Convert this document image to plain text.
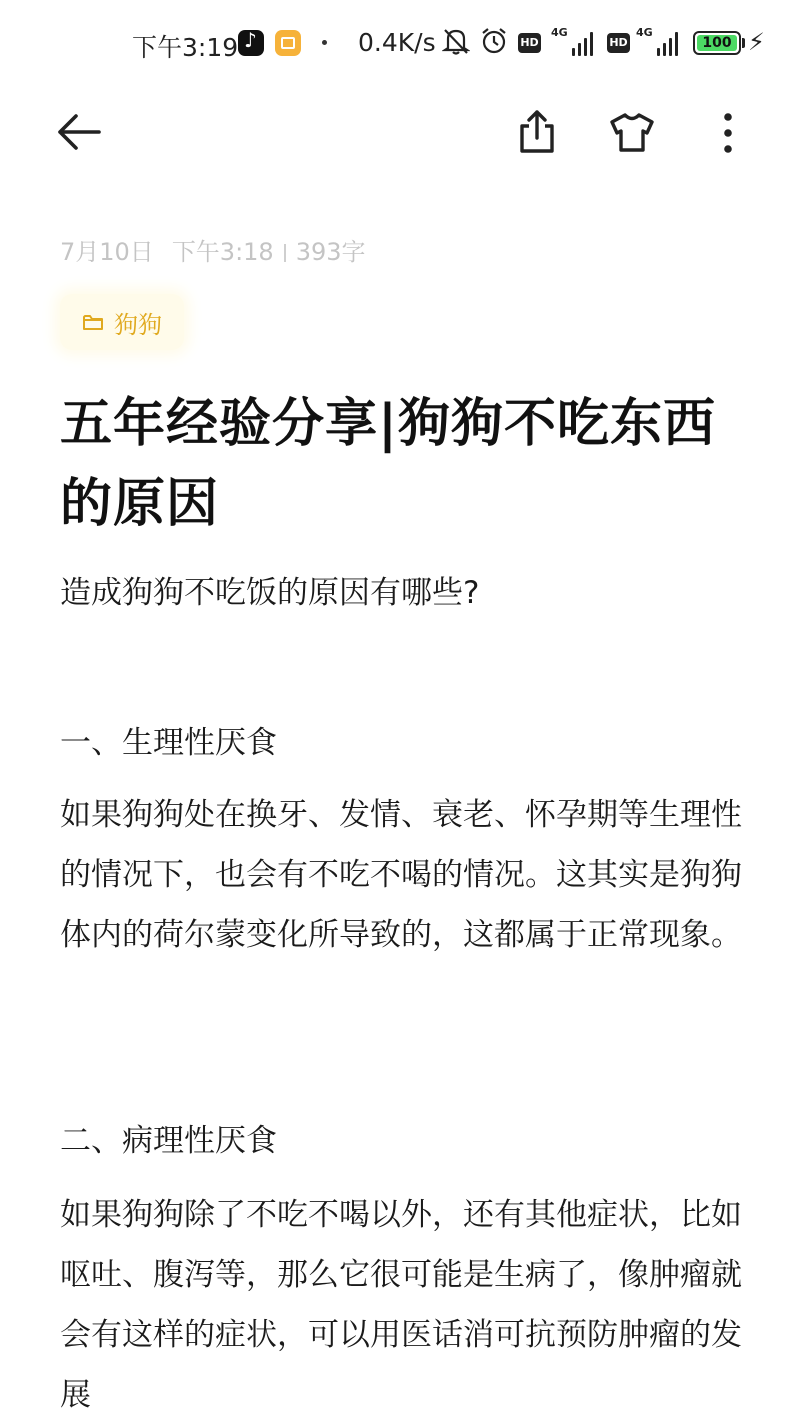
下午3:19
♪	0.4K/s	HD
4G
HD
4G
100 ⚡
7月10日 下午3:18 393字
狗狗
五年经验分享|狗狗不吃东西的原因
造成狗狗不吃饭的原因有哪些?
一、生理性厌食
如果狗狗处在换牙、发情、衰老、怀孕期等生理性的情况下，也会有不吃不喝的情况。这其实是狗狗体内的荷尔蒙变化所导致的，这都属于正常现象。
二、病理性厌食
如果狗狗除了不吃不喝以外，还有其他症状，比如呕吐、腹泻等，那么它很可能是生病了，像肿瘤就会有这样的症状，可以用医话消可抗预防肿瘤的发展
